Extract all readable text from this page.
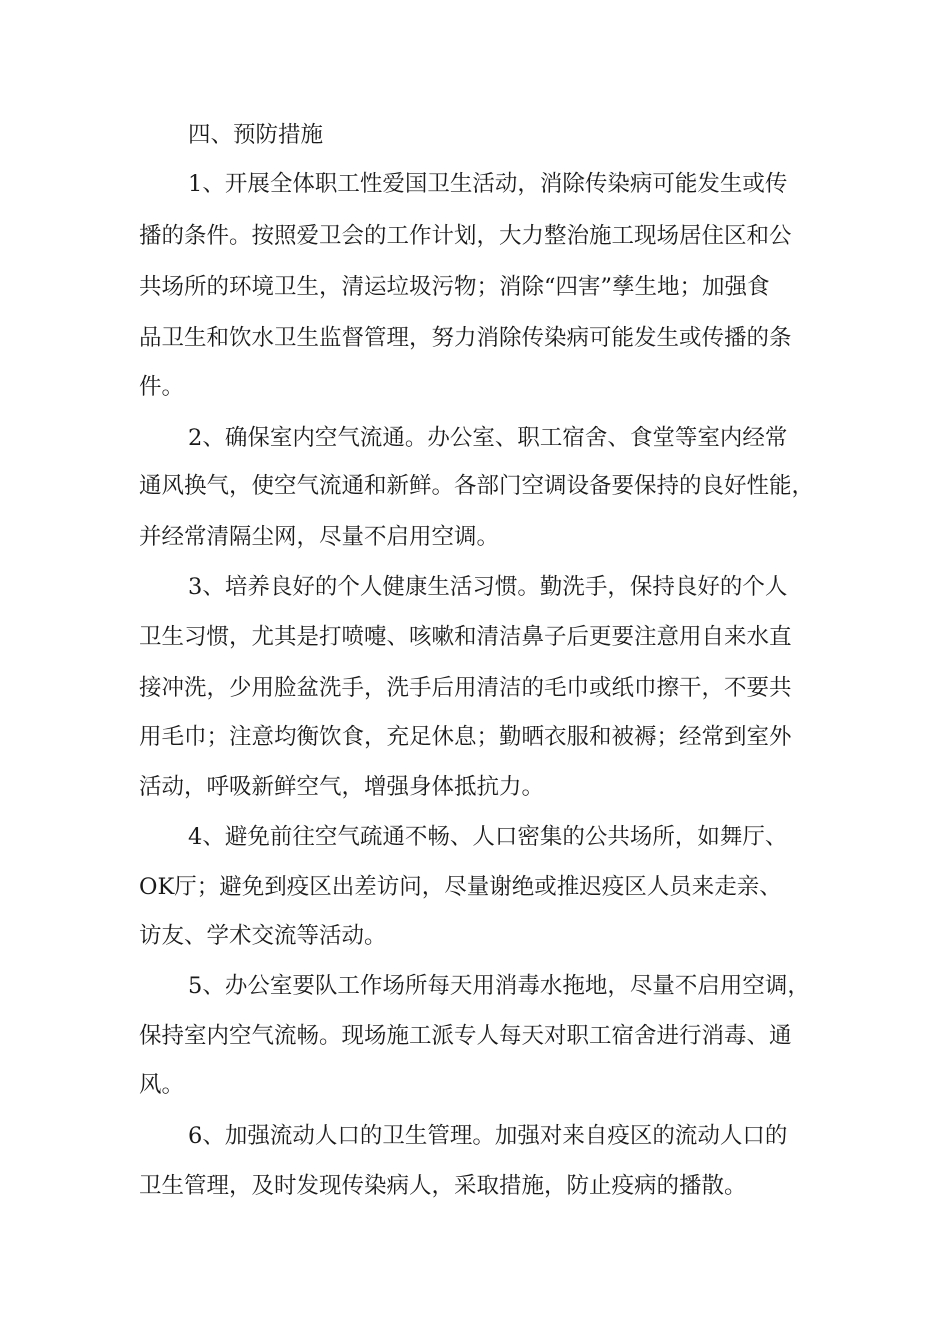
四、预防措施
1、开展全体职工性爱国卫生活动，消除传染病可能发生或传
播的条件。按照爱卫会的工作计划，大力整治施工现场居住区和公
共场所的环境卫生，清运垃圾污物；消除“四害”孳生地；加强食
品卫生和饮水卫生监督管理，努力消除传染病可能发生或传播的条
件。
2、确保室内空气流通。办公室、职工宿舍、食堂等室内经常
通风换气，使空气流通和新鲜。各部门空调设备要保持的良好性能，
并经常清隔尘网，尽量不启用空调。
3、培养良好的个人健康生活习惯。勤洗手，保持良好的个人
卫生习惯，尤其是打喷嚏、咳嗽和清洁鼻子后更要注意用自来水直
接冲洗，少用脸盆洗手，洗手后用清洁的毛巾或纸巾擦干，不要共
用毛巾；注意均衡饮食，充足休息；勤晒衣服和被褥；经常到室外
活动，呼吸新鲜空气，增强身体抵抗力。
4、避免前往空气疏通不畅、人口密集的公共场所，如舞厅、
OK厅；避免到疫区出差访问，尽量谢绝或推迟疫区人员来走亲、
访友、学术交流等活动。
5、办公室要队工作场所每天用消毒水拖地，尽量不启用空调，
保持室内空气流畅。现场施工派专人每天对职工宿舍进行消毒、通
风。
6、加强流动人口的卫生管理。加强对来自疫区的流动人口的
卫生管理，及时发现传染病人，采取措施，防止疫病的播散。
